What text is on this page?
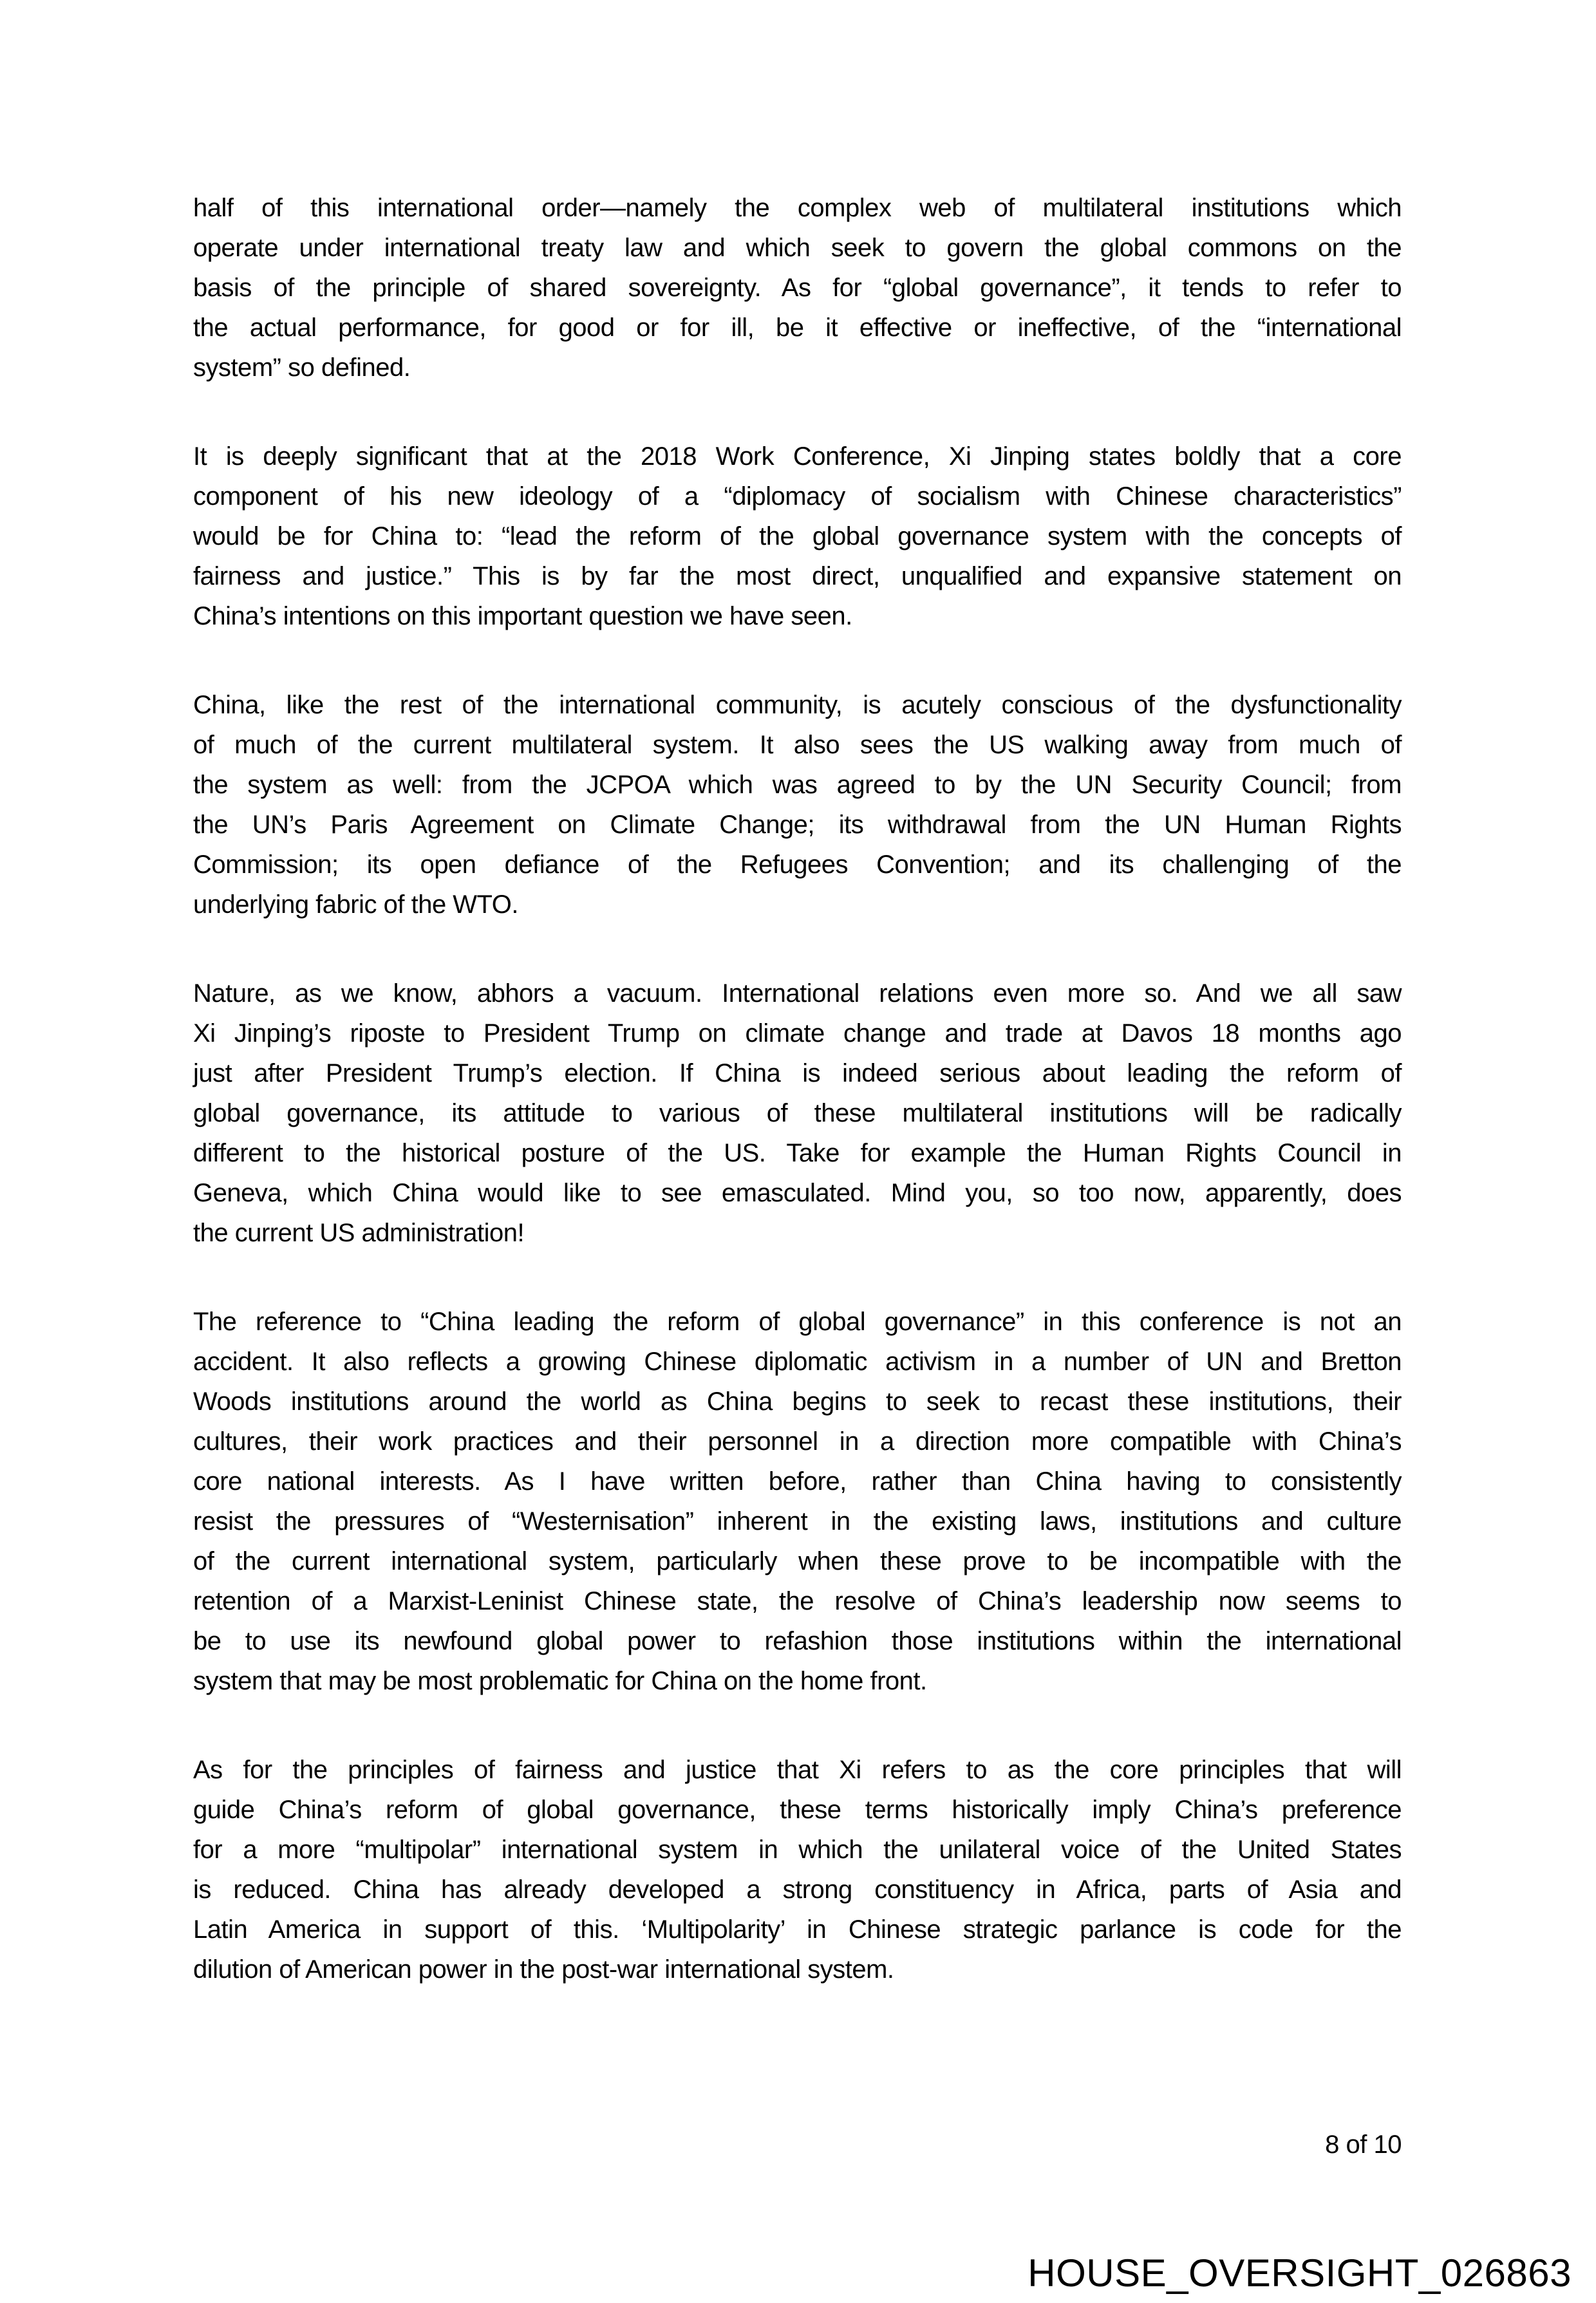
half of this international order—namely the complex web of multilateral institutions which
operate under international treaty law and which seek to govern the global commons on the
basis of the principle of shared sovereignty. As for “global governance”, it tends to refer to
the actual performance, for good or for ill, be it effective or ineffective, of the “international
system” so defined.
It is deeply significant that at the 2018 Work Conference, Xi Jinping states boldly that a core
component of his new ideology of a “diplomacy of socialism with Chinese characteristics”
would be for China to: “lead the reform of the global governance system with the concepts of
fairness and justice.” This is by far the most direct, unqualified and expansive statement on
China’s intentions on this important question we have seen.
China, like the rest of the international community, is acutely conscious of the dysfunctionality
of much of the current multilateral system. It also sees the US walking away from much of
the system as well: from the JCPOA which was agreed to by the UN Security Council; from
the UN’s Paris Agreement on Climate Change; its withdrawal from the UN Human Rights
Commission; its open defiance of the Refugees Convention; and its challenging of the
underlying fabric of the WTO.
Nature, as we know, abhors a vacuum. International relations even more so. And we all saw
Xi Jinping’s riposte to President Trump on climate change and trade at Davos 18 months ago
just after President Trump’s election. If China is indeed serious about leading the reform of
global governance, its attitude to various of these multilateral institutions will be radically
different to the historical posture of the US. Take for example the Human Rights Council in
Geneva, which China would like to see emasculated. Mind you, so too now, apparently, does
the current US administration!
The reference to “China leading the reform of global governance” in this conference is not an
accident. It also reflects a growing Chinese diplomatic activism in a number of UN and Bretton
Woods institutions around the world as China begins to seek to recast these institutions, their
cultures, their work practices and their personnel in a direction more compatible with China’s
core national interests. As I have written before, rather than China having to consistently
resist the pressures of “Westernisation” inherent in the existing laws, institutions and culture
of the current international system, particularly when these prove to be incompatible with the
retention of a Marxist-Leninist Chinese state, the resolve of China’s leadership now seems to
be to use its newfound global power to refashion those institutions within the international
system that may be most problematic for China on the home front.
As for the principles of fairness and justice that Xi refers to as the core principles that will
guide China’s reform of global governance, these terms historically imply China’s preference
for a more “multipolar” international system in which the unilateral voice of the United States
is reduced. China has already developed a strong constituency in Africa, parts of Asia and
Latin America in support of this. ‘Multipolarity’ in Chinese strategic parlance is code for the
dilution of American power in the post-war international system.
8 of 10
HOUSE_OVERSIGHT_026863
